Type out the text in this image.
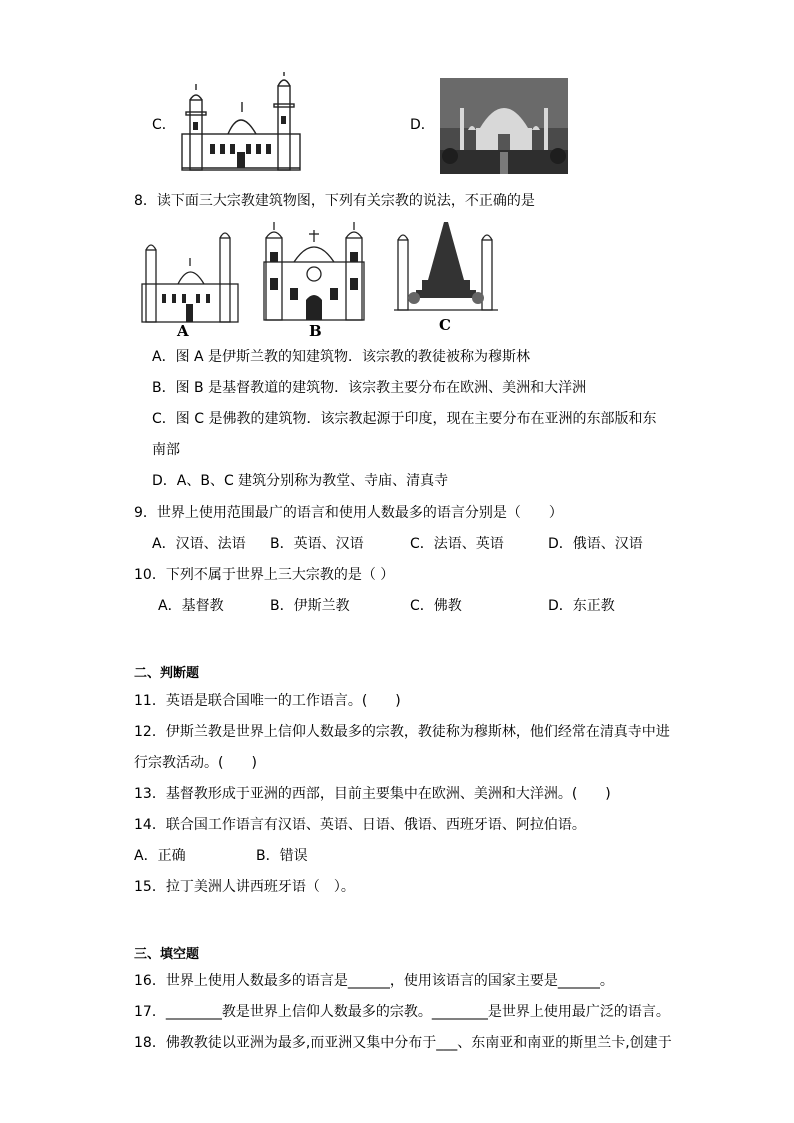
C．	D．
8．读下面三大宗教建筑物图，下列有关宗教的说法，不正确的是
A	B	C
A．图 A 是伊斯兰教的知建筑物．该宗教的教徒被称为穆斯林
B．图 B 是基督教道的建筑物．该宗教主要分布在欧洲、美洲和大洋洲
C．图 C 是佛教的建筑物．该宗教起源于印度，现在主要分布在亚洲的东部版和东
南部
D．A、B、C 建筑分别称为教堂、寺庙、清真寺
9．世界上使用范围最广的语言和使用人数最多的语言分别是（　　）
A．汉语、法语 B．英语、汉语	C．法语、英语	D．俄语、汉语
10．下列不属于世界上三大宗教的是（ ）
A．基督教	B．伊斯兰教	C．佛教	D．东正教
二、判断题
11．英语是联合国唯一的工作语言。(　　)
12．伊斯兰教是世界上信仰人数最多的宗教，教徒称为穆斯林，他们经常在清真寺中进
行宗教活动。(　　)
13．基督教形成于亚洲的西部，目前主要集中在欧洲、美洲和大洋洲。(　　)
14．联合国工作语言有汉语、英语、日语、俄语、西班牙语、阿拉伯语。
A．正确	B．错误
15．拉丁美洲人讲西班牙语（　）。
三、填空题
16．世界上使用人数最多的语言是______，使用该语言的国家主要是______。
17．________教是世界上信仰人数最多的宗教。________是世界上使用最广泛的语言。
18．佛教教徒以亚洲为最多,而亚洲又集中分布于___、东南亚和南亚的斯里兰卡,创建于
